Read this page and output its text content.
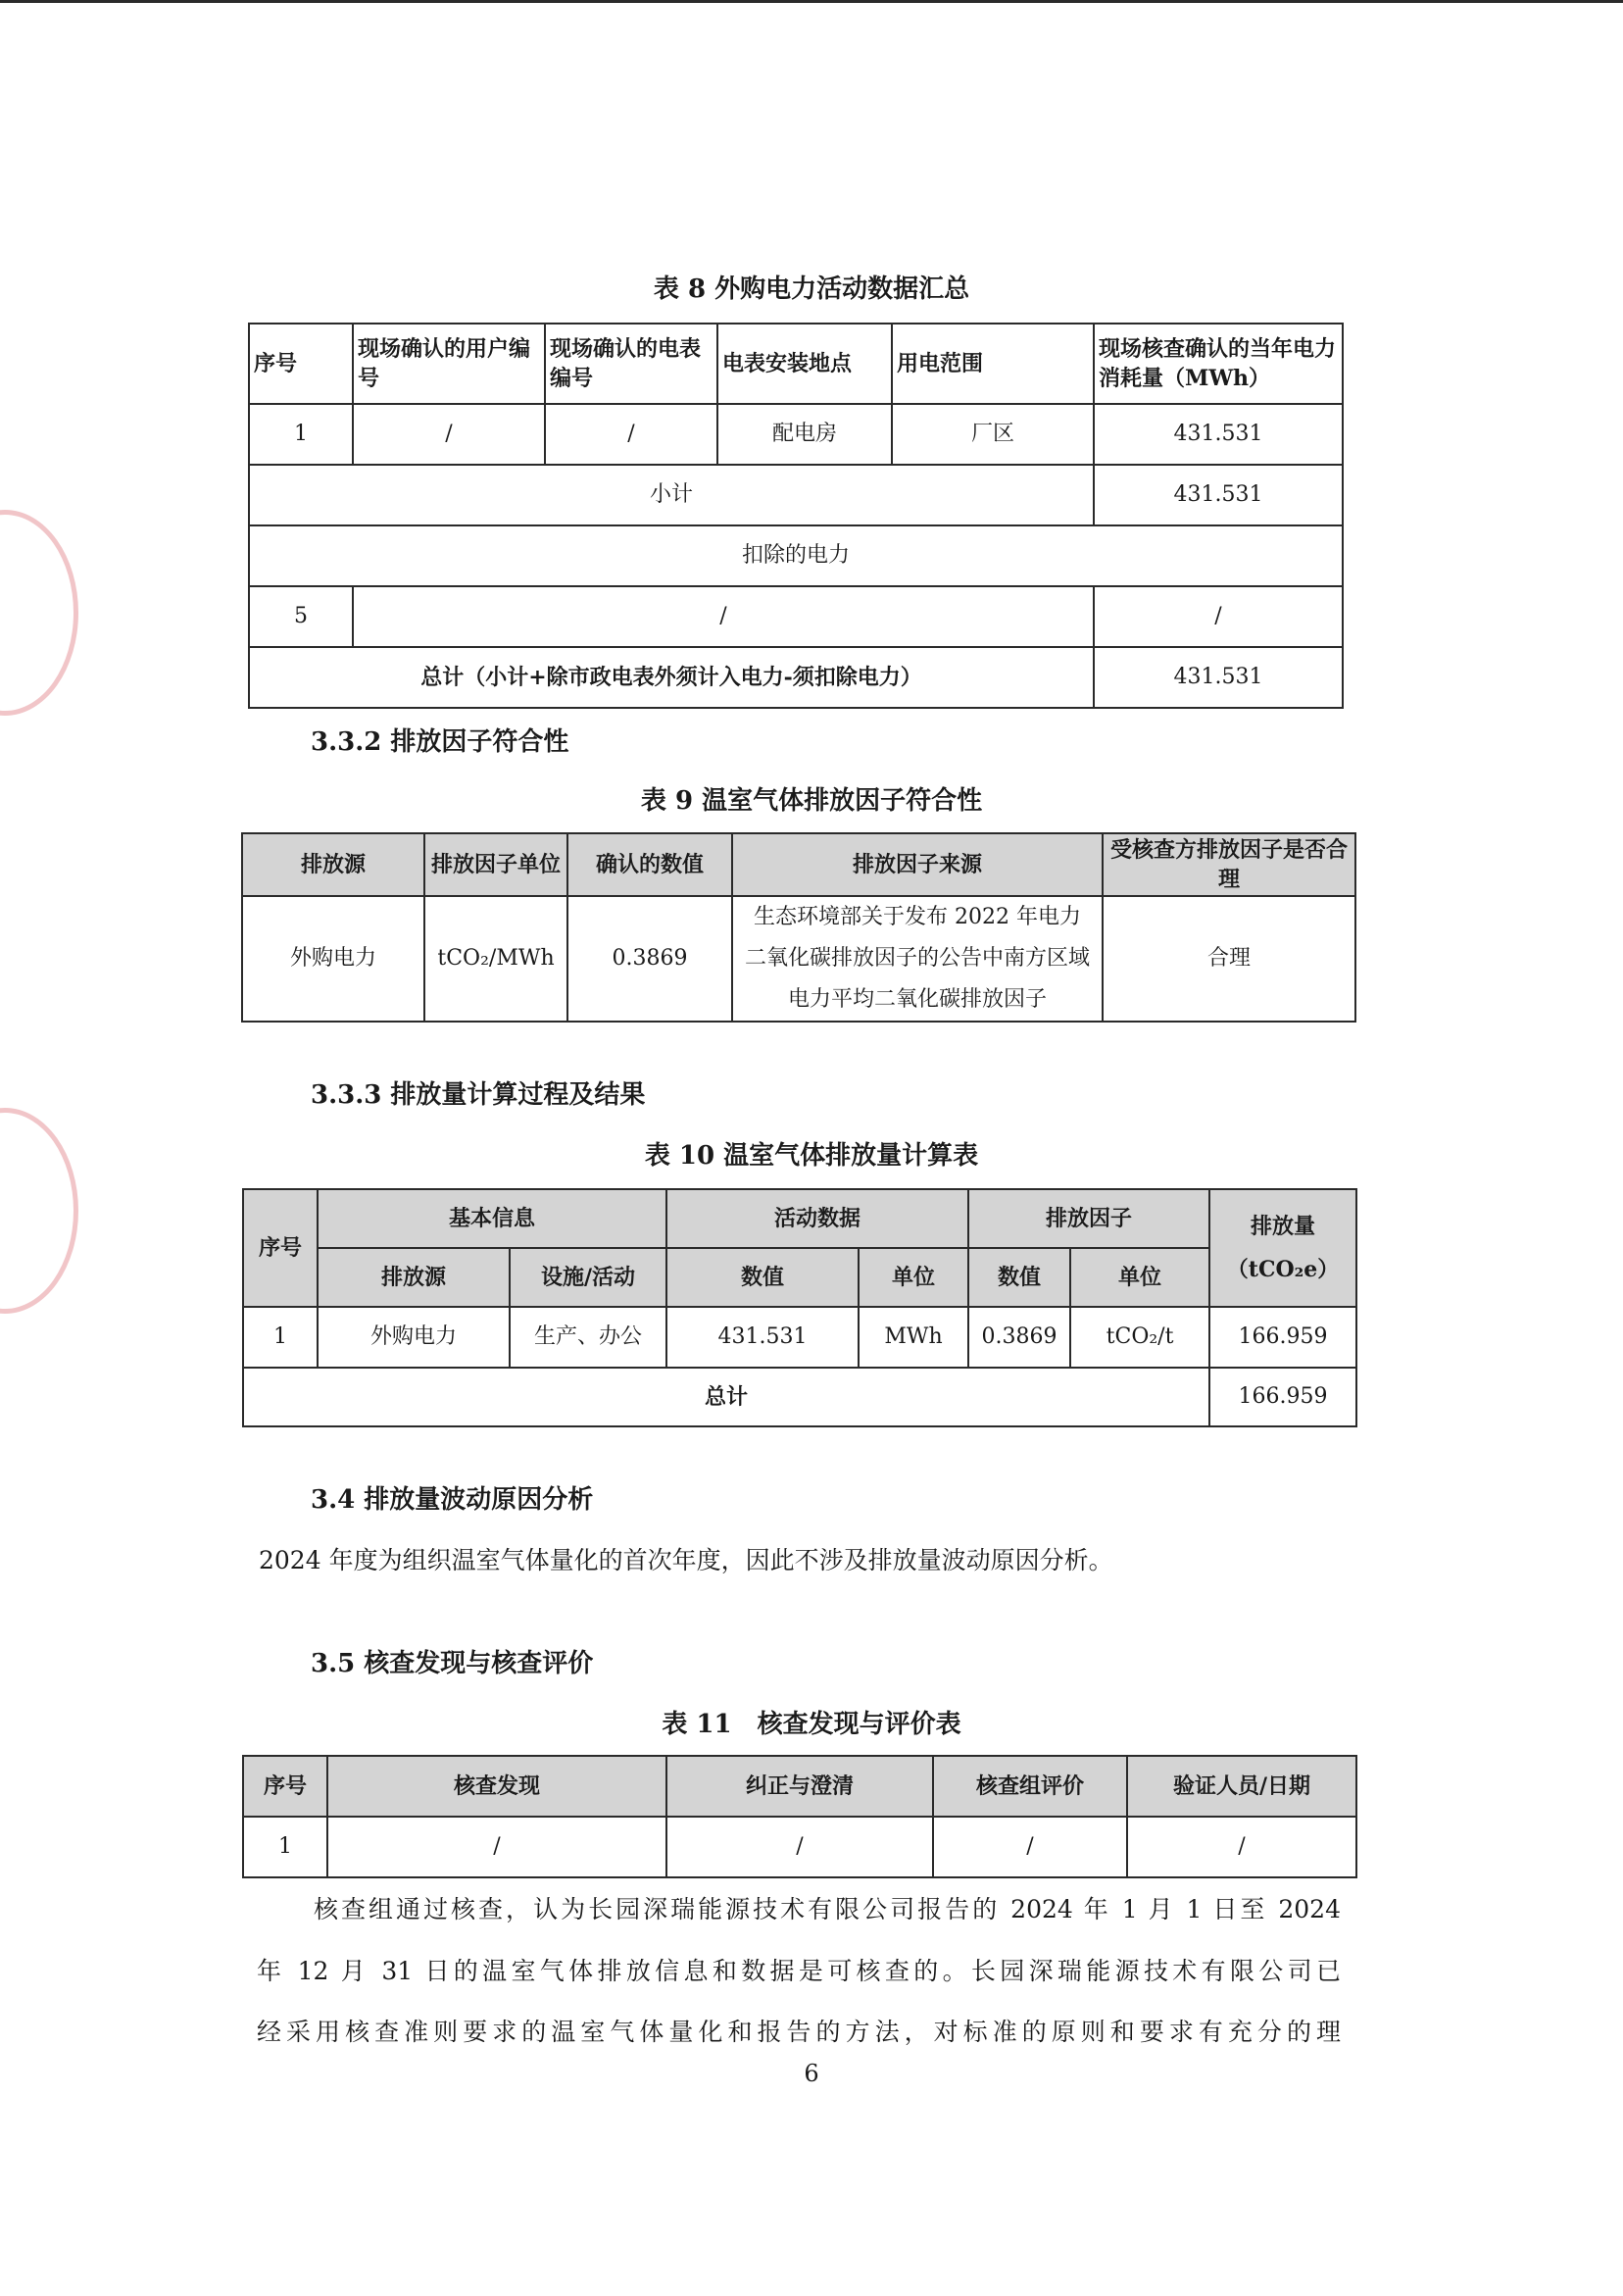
表 8 外购电力活动数据汇总
序号	现场确认的用户编号	现场确认的电表编号	电表安装地点	用电范围	现场核查确认的当年电力消耗量（MWh）
1	/	/	配电房	厂区	431.531
小计					431.531
扣除的电力					
5	/				/
总计（小计+除市政电表外须计入电力-须扣除电力）					431.531
3.3.2 排放因子符合性
表 9 温室气体排放因子符合性
排放源	排放因子单位	确认的数值	排放因子来源	受核查方排放因子是否合理
外购电力	tCO₂/MWh	0.3869	生态环境部关于发布 2022 年电力二氧化碳排放因子的公告中南方区域电力平均二氧化碳排放因子	合理
3.3.3 排放量计算过程及结果
表 10 温室气体排放量计算表
序号	基本信息		活动数据		排放因子		排放量（tCO₂e）
	排放源	设施/活动	数值	单位	数值	单位	
1	外购电力	生产、办公	431.531	MWh	0.3869	tCO₂/t	166.959
总计							166.959
3.4 排放量波动原因分析
2024 年度为组织温室气体量化的首次年度，因此不涉及排放量波动原因分析。
3.5 核查发现与核查评价
表 11　核查发现与评价表
序号	核查发现	纠正与澄清	核查组评价	验证人员/日期
1	/	/	/	/
核查组通过核查，认为长园深瑞能源技术有限公司报告的 2024 年 1 月 1 日至 2024
年 12 月 31 日的温室气体排放信息和数据是可核查的。长园深瑞能源技术有限公司已
经采用核查准则要求的温室气体量化和报告的方法，对标准的原则和要求有充分的理
6
